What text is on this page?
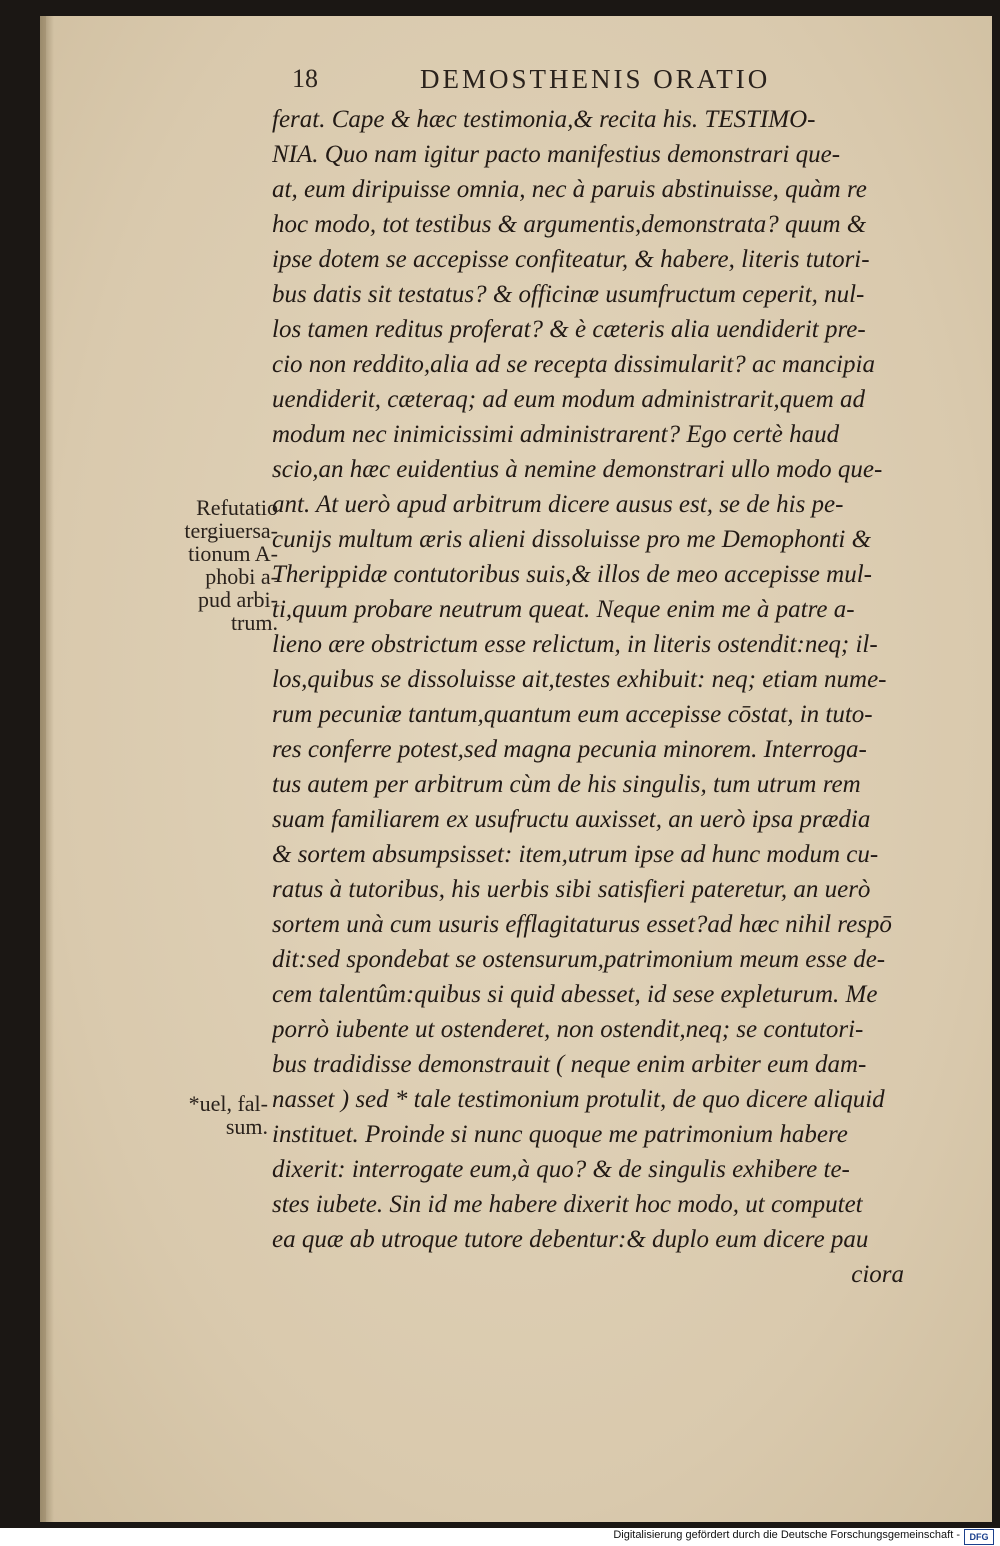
18	DEMOSTHENIS ORATIO
ferat. Cape & hæc testimonia,& recita his. TESTIMO-
NIA. Quo nam igitur pacto manifestius demonstrari que-
at, eum diripuisse omnia, nec à paruis abstinuisse, quàm re
hoc modo, tot testibus & argumentis,demonstrata? quum &
ipse dotem se accepisse confiteatur, & habere, literis tutori-
bus datis sit testatus? & officinæ usumfructum ceperit, nul-
los tamen reditus proferat? & è cæteris alia uendiderit pre-
cio non reddito,alia ad se recepta dissimularit? ac mancipia
uendiderit, cæteraq; ad eum modum administrarit,quem ad
modum nec inimicissimi administrarent? Ego certè haud
scio,an hæc euidentius à nemine demonstrari ullo modo que-
ant. At uerò apud arbitrum dicere ausus est, se de his pe-
cunijs multum æris alieni dissoluisse pro me Demophonti &
Therippidæ contutoribus suis,& illos de meo accepisse mul-
ti,quum probare neutrum queat. Neque enim me à patre a-
lieno ære obstrictum esse relictum, in literis ostendit:neq; il-
los,quibus se dissoluisse ait,testes exhibuit: neq; etiam nume-
rum pecuniæ tantum,quantum eum accepisse cōstat, in tuto-
res conferre potest,sed magna pecunia minorem. Interroga-
tus autem per arbitrum cùm de his singulis, tum utrum rem
suam familiarem ex usufructu auxisset, an uerò ipsa prædia
& sortem absumpsisset: item,utrum ipse ad hunc modum cu-
ratus à tutoribus, his uerbis sibi satisfieri pateretur, an uerò
sortem unà cum usuris efflagitaturus esset?ad hæc nihil respō
dit:sed spondebat se ostensurum,patrimonium meum esse de-
cem talentûm:quibus si quid abesset, id sese expleturum. Me
porrò iubente ut ostenderet, non ostendit,neq; se contutori-
bus tradidisse demonstrauit ( neque enim arbiter eum dam-
nasset ) sed * tale testimonium protulit, de quo dicere aliquid
instituet. Proinde si nunc quoque me patrimonium habere
dixerit: interrogate eum,à quo? & de singulis exhibere te-
stes iubete. Sin id me habere dixerit hoc modo, ut computet
ea quæ ab utroque tutore debentur:& duplo eum dicere pau
ciora
Refutatio
tergiuersa-
tionum A-
phobi a-
pud arbi-
trum.
*uel, fal-
sum.
Digitalisierung gefördert durch die Deutsche Forschungsgemeinschaft -	DFG
